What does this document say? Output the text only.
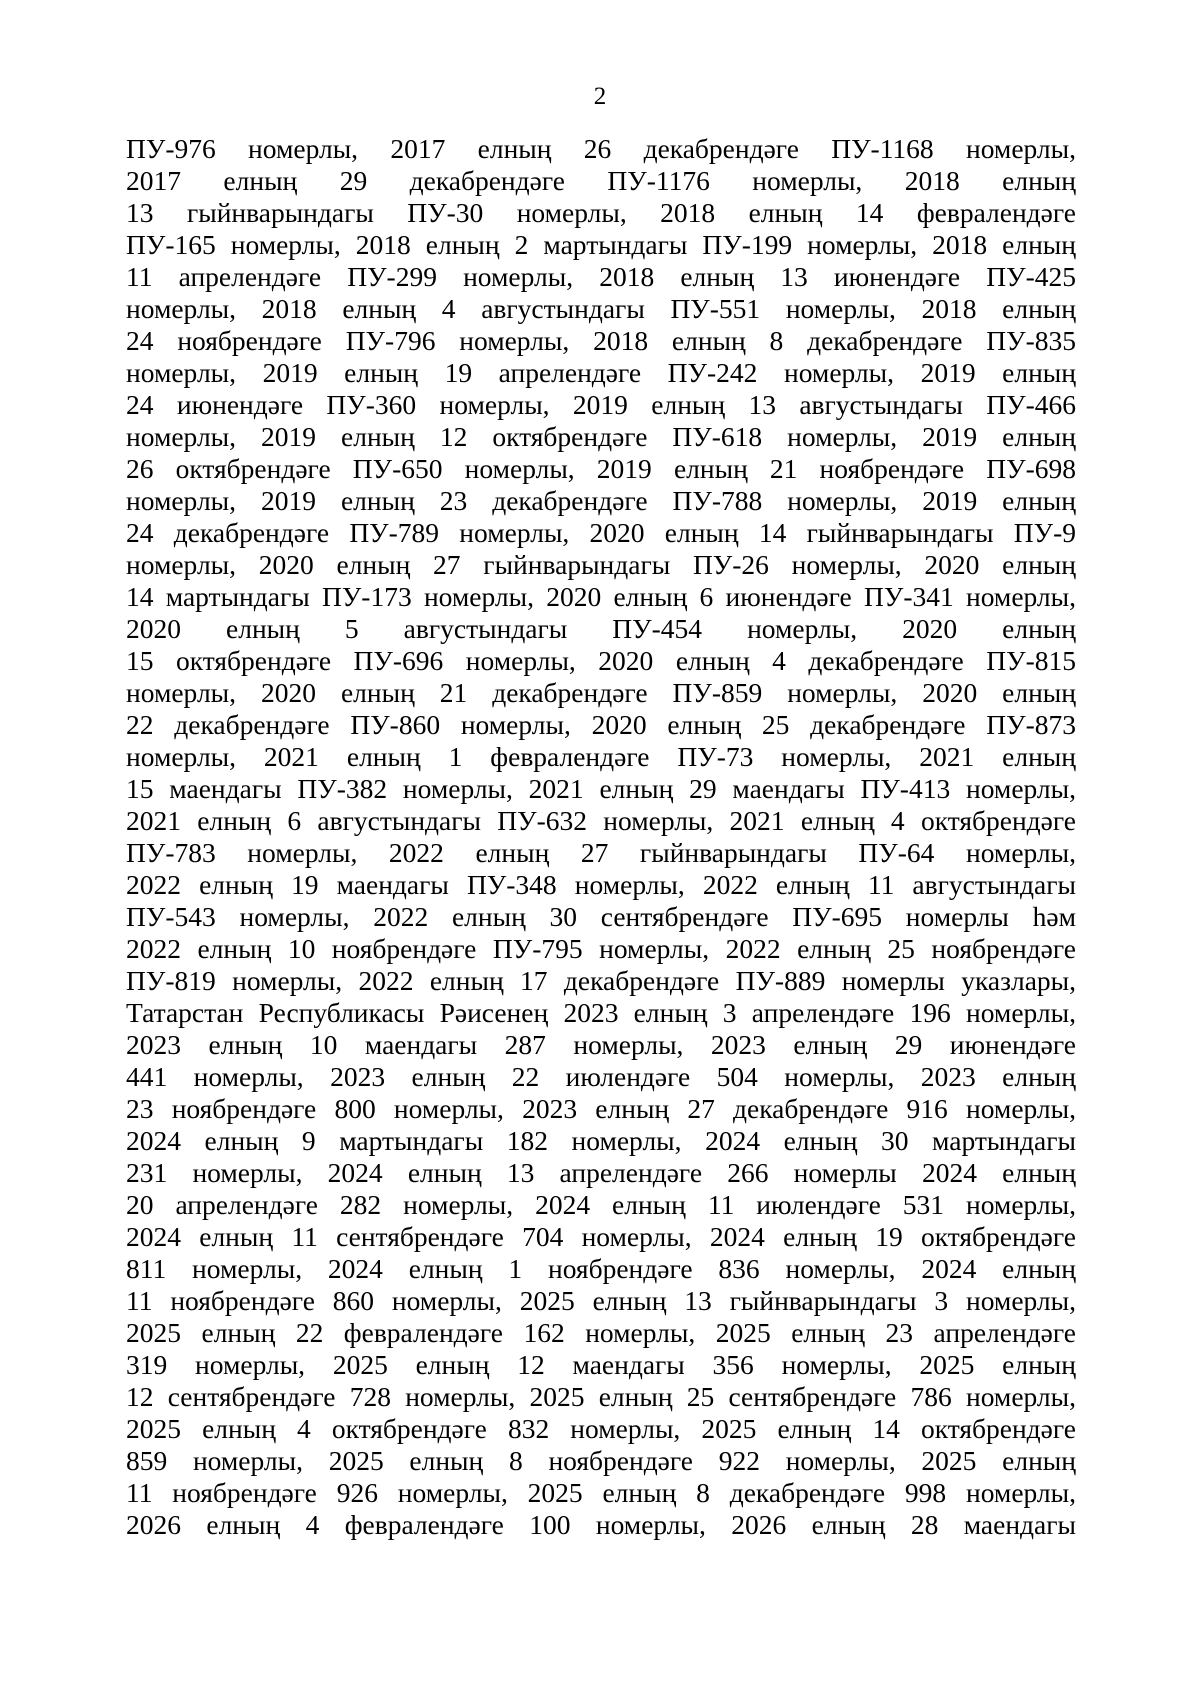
2
ПУ-976 номерлы, 2017 елның 26 декабрендәге ПУ-1168 номерлы,
2017 елның 29 декабрендәге ПУ-1176 номерлы, 2018 елның
13 гыйнварындагы ПУ-30 номерлы, 2018 елның 14 февралендәге
ПУ-165 номерлы, 2018 елның 2 мартындагы ПУ-199 номерлы, 2018 елның
11 апрелендәге ПУ-299 номерлы, 2018 елның 13 июнендәге ПУ-425
номерлы, 2018 елның 4 августындагы ПУ-551 номерлы, 2018 елның
24 ноябрендәге ПУ-796 номерлы, 2018 елның 8 декабрендәге ПУ-835
номерлы, 2019 елның 19 апрелендәге ПУ-242 номерлы, 2019 елның
24 июнендәге ПУ-360 номерлы, 2019 елның 13 августындагы ПУ-466
номерлы, 2019 елның 12 октябрендәге ПУ-618 номерлы, 2019 елның
26 октябрендәге ПУ-650 номерлы, 2019 елның 21 ноябрендәге ПУ-698
номерлы, 2019 елның 23 декабрендәге ПУ-788 номерлы, 2019 елның
24 декабрендәге ПУ-789 номерлы, 2020 елның 14 гыйнварындагы ПУ-9
номерлы, 2020 елның 27 гыйнварындагы ПУ-26 номерлы, 2020 елның
14 мартындагы ПУ-173 номерлы, 2020 елның 6 июнендәге ПУ-341 номерлы,
2020 елның 5 августындагы ПУ-454 номерлы, 2020 елның
15 октябрендәге ПУ-696 номерлы, 2020 елның 4 декабрендәге ПУ-815
номерлы, 2020 елның 21 декабрендәге ПУ-859 номерлы, 2020 елның
22 декабрендәге ПУ-860 номерлы, 2020 елның 25 декабрендәге ПУ-873
номерлы, 2021 елның 1 февралендәге ПУ-73 номерлы, 2021 елның
15 маендагы ПУ-382 номерлы, 2021 елның 29 маендагы ПУ-413 номерлы,
2021 елның 6 августындагы ПУ-632 номерлы, 2021 елның 4 октябрендәге
ПУ-783 номерлы, 2022 елның 27 гыйнварындагы ПУ-64 номерлы,
2022 елның 19 маендагы ПУ-348 номерлы, 2022 елның 11 августындагы
ПУ-543 номерлы, 2022 елның 30 сентябрендәге ПУ-695 номерлы һәм
2022 елның 10 ноябрендәге ПУ-795 номерлы, 2022 елның 25 ноябрендәге
ПУ-819 номерлы, 2022 елның 17 декабрендәге ПУ-889 номерлы указлары,
Татарстан Республикасы Рәисенең 2023 елның 3 апрелендәге 196 номерлы,
2023 елның 10 маендагы 287 номерлы, 2023 елның 29 июнендәге
441 номерлы, 2023 елның 22 июлендәге 504 номерлы, 2023 елның
23 ноябрендәге 800 номерлы, 2023 елның 27 декабрендәге 916 номерлы,
2024 елның 9 мартындагы 182 номерлы, 2024 елның 30 мартындагы
231 номерлы, 2024 елның 13 апрелендәге 266 номерлы 2024 елның
20 апрелендәге 282 номерлы, 2024 елның 11 июлендәге 531 номерлы,
2024 елның 11 сентябрендәге 704 номерлы, 2024 елның 19 октябрендәге
811 номерлы, 2024 елның 1 ноябрендәге 836 номерлы, 2024 елның
11 ноябрендәге 860 номерлы, 2025 елның 13 гыйнварындагы 3 номерлы,
2025 елның 22 февралендәге 162 номерлы, 2025 елның 23 апрелендәге
319 номерлы, 2025 елның 12 маендагы 356 номерлы, 2025 елның
12 сентябрендәге 728 номерлы, 2025 елның 25 сентябрендәге 786 номерлы,
2025 елның 4 октябрендәге 832 номерлы, 2025 елның 14 октябрендәге
859 номерлы, 2025 елның 8 ноябрендәге 922 номерлы, 2025 елның
11 ноябрендәге 926 номерлы, 2025 елның 8 декабрендәге 998 номерлы,
2026 елның 4 февралендәге 100 номерлы, 2026 елның 28 маендагы
